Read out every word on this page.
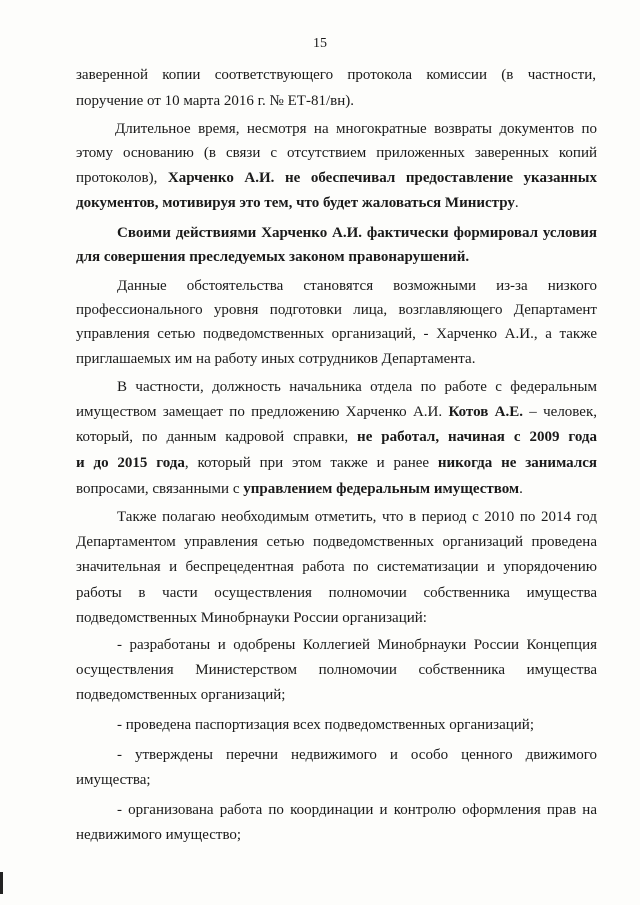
15
заверенной копии соответствующего протокола комиссии (в частности,
поручение от 10 марта 2016 г. № ЕТ-81/вн).
Длительное время, несмотря на многократные возвраты документов по
этому основанию (в связи с отсутствием приложенных заверенных копий
протоколов), Харченко А.И. не обеспечивал предоставление указанных
документов, мотивируя это тем, что будет жаловаться Министру.
Своими действиями Харченко А.И. фактически формировал условия
для совершения преследуемых законом правонарушений.
Данные обстоятельства становятся возможными из-за низкого
профессионального уровня подготовки лица, возглавляющего Департамент
управления сетью подведомственных организаций, - Харченко А.И., а также
приглашаемых им на работу иных сотрудников Департамента.
В частности, должность начальника отдела по работе с федеральным
имуществом замещает по предложению Харченко А.И. Котов А.Е. – человек,
который, по данным кадровой справки, не работал, начиная с 2009 года
и до 2015 года, который при этом также и ранее никогда не занимался
вопросами, связанными с управлением федеральным имуществом.
Также полагаю необходимым отметить, что в период с 2010 по 2014 год
Департаментом управления сетью подведомственных организаций проведена
значительная и беспрецедентная работа по систематизации и упорядочению
работы в части осуществления полномочии собственника имущества
подведомственных Минобрнауки России организаций:
- разработаны и одобрены Коллегией Минобрнауки России Концепция
осуществления Министерством полномочии собственника имущества
подведомственных организаций;
- проведена паспортизация всех подведомственных организаций;
- утверждены перечни недвижимого и особо ценного движимого
имущества;
- организована работа по координации и контролю оформления прав на
недвижимого имущество;
